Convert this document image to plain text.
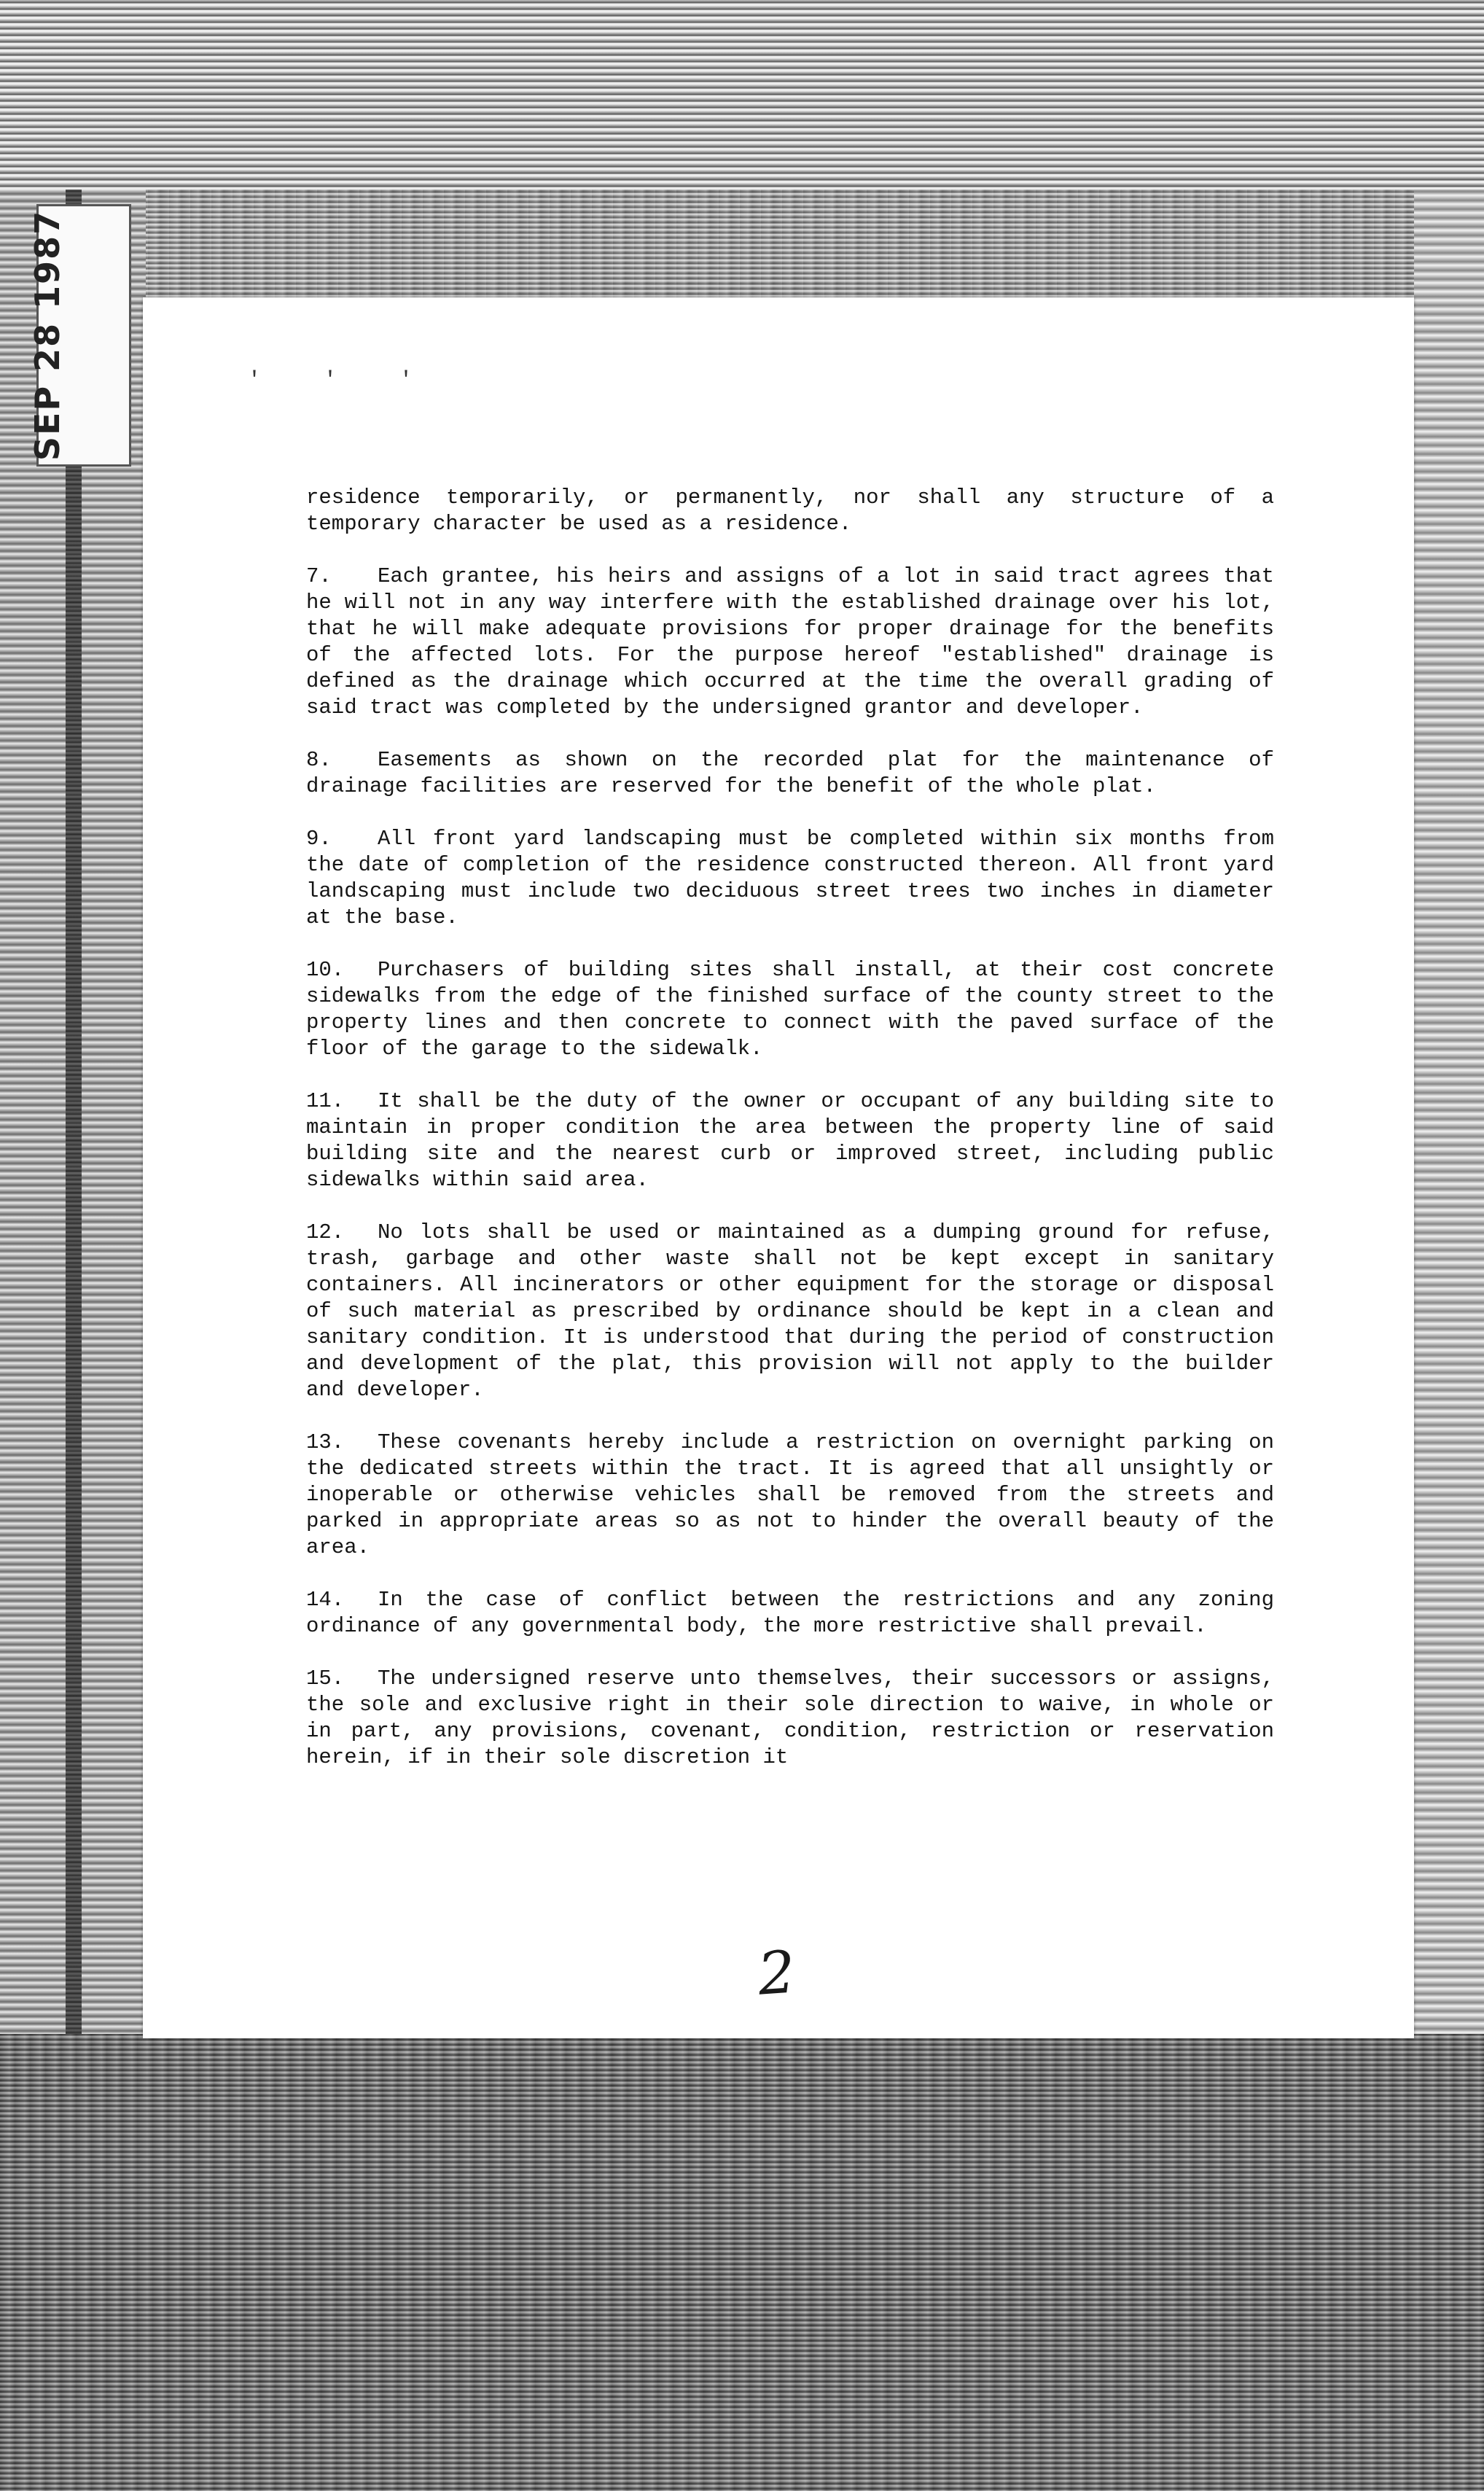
SEP 28 1987	' ' '

residence temporarily, or permanently, nor shall any structure of a temporary character be used as a residence.

7. Each grantee, his heirs and assigns of a lot in said tract agrees that he will not in any way interfere with the established drainage over his lot, that he will make adequate provisions for proper drainage for the benefits of the affected lots. For the purpose hereof "established" drainage is defined as the drainage which occurred at the time the overall grading of said tract was completed by the undersigned grantor and developer.

8. Easements as shown on the recorded plat for the maintenance of drainage facilities are reserved for the benefit of the whole plat.

9. All front yard landscaping must be completed within six months from the date of completion of the residence constructed thereon. All front yard landscaping must include two deciduous street trees two inches in diameter at the base.

10. Purchasers of building sites shall install, at their cost concrete sidewalks from the edge of the finished surface of the county street to the property lines and then concrete to connect with the paved surface of the floor of the garage to the sidewalk.

11. It shall be the duty of the owner or occupant of any building site to maintain in proper condition the area between the property line of said building site and the nearest curb or improved street, including public sidewalks within said area.

12. No lots shall be used or maintained as a dumping ground for refuse, trash, garbage and other waste shall not be kept except in sanitary containers. All incinerators or other equipment for the storage or disposal of such material as prescribed by ordinance should be kept in a clean and sanitary condition. It is understood that during the period of construction and development of the plat, this provision will not apply to the builder and developer.

13. These covenants hereby include a restriction on overnight parking on the dedicated streets within the tract. It is agreed that all unsightly or inoperable or otherwise vehicles shall be removed from the streets and parked in appropriate areas so as not to hinder the overall beauty of the area.

14. In the case of conflict between the restrictions and any zoning ordinance of any governmental body, the more restrictive shall prevail.

15. The undersigned reserve unto themselves, their successors or assigns, the sole and exclusive right in their sole direction to waive, in whole or in part, any provisions, covenant, condition, restriction or reservation herein, if in their sole discretion it

2
